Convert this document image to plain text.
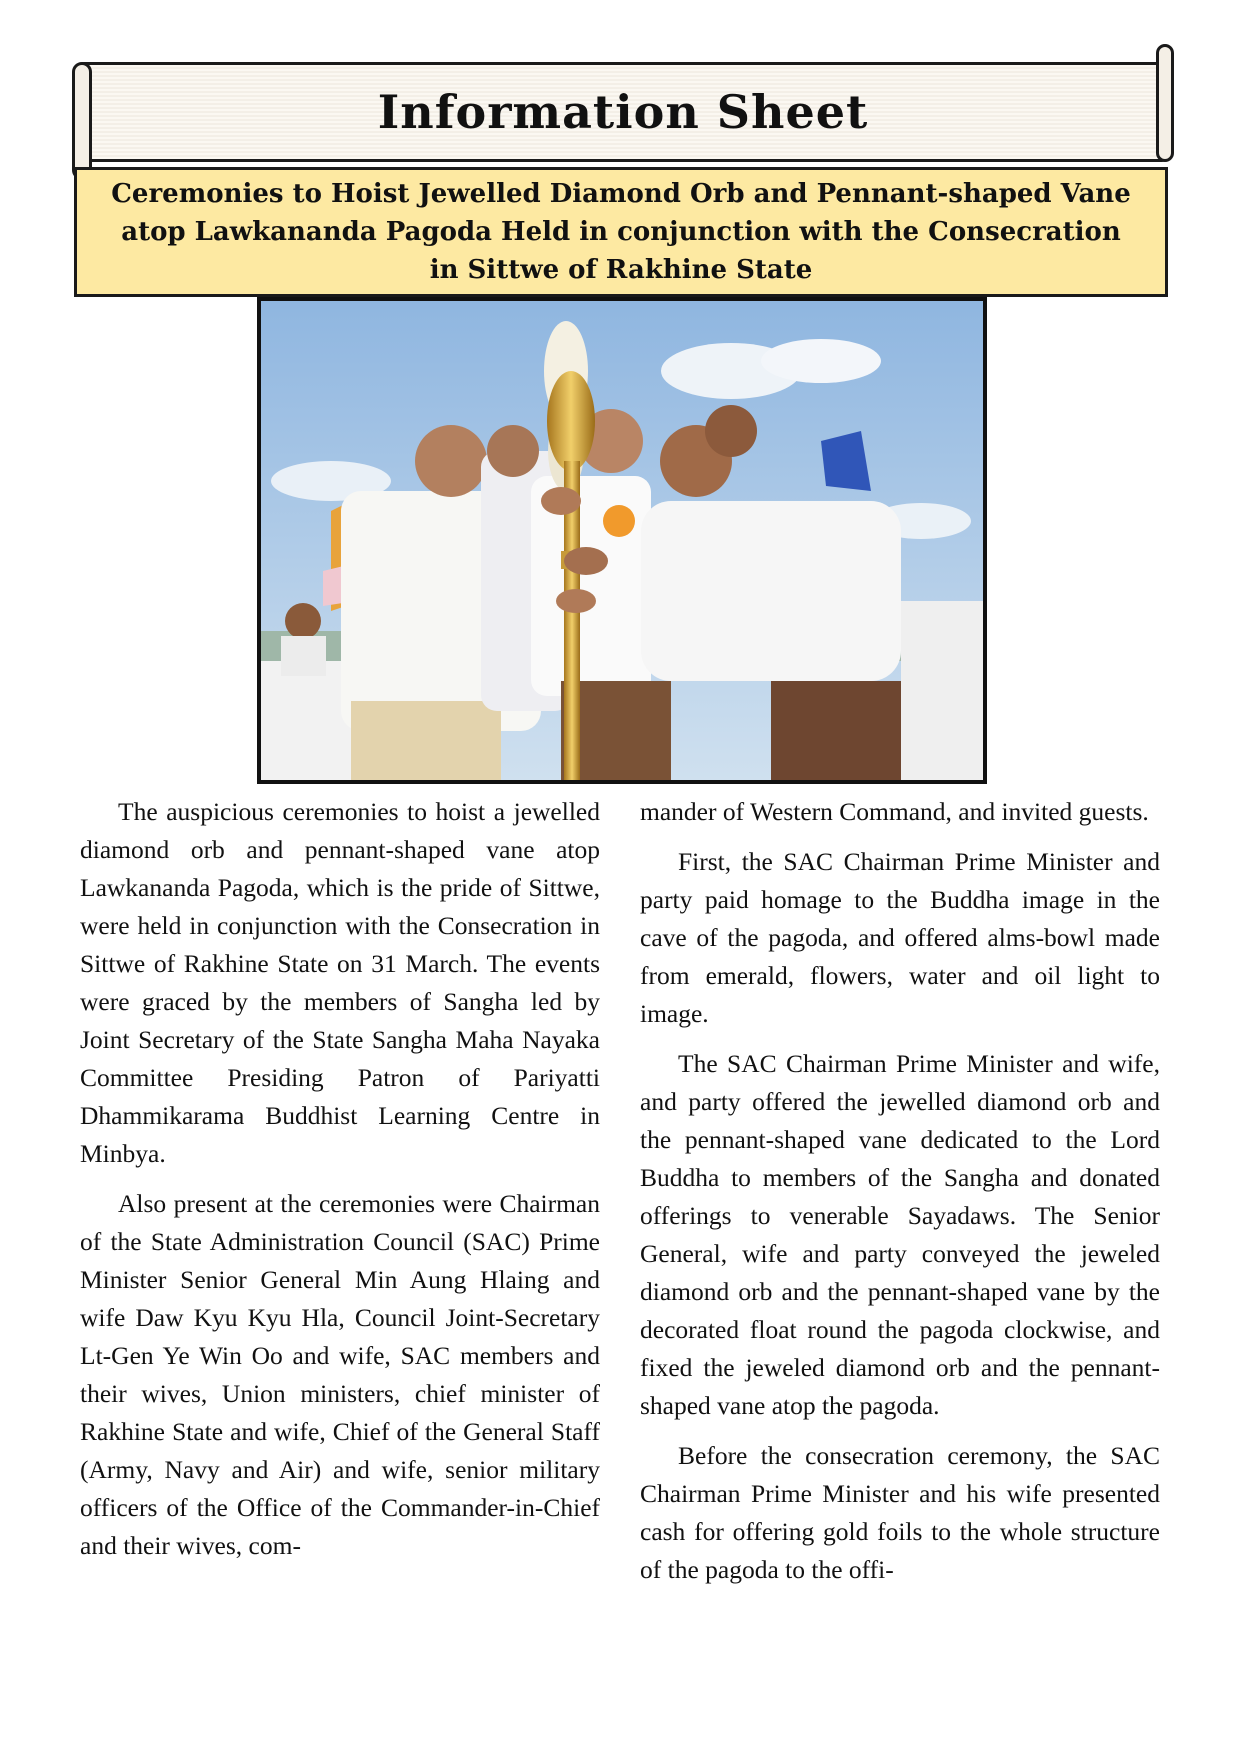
Information Sheet
Ceremonies to Hoist Jewelled Diamond Orb and Pennant-shaped Vane atop Lawkananda Pagoda Held in conjunction with the Consecration in Sittwe of Rakhine State

The auspicious ceremonies to hoist a jewelled diamond orb and pennant-shaped vane atop Lawkananda Pagoda, which is the pride of Sittwe, were held in conjunction with the Consecration in Sittwe of Rakhine State on 31 March. The events were graced by the members of Sangha led by Joint Secretary of the State Sangha Maha Nayaka Committee Presiding Patron of Pariyatti Dhammikarama Buddhist Learning Centre in Minbya.

Also present at the ceremonies were Chairman of the State Administration Council (SAC) Prime Minister Senior General Min Aung Hlaing and wife Daw Kyu Kyu Hla, Council Joint-Secretary Lt-Gen Ye Win Oo and wife, SAC members and their wives, Union ministers, chief minister of Rakhine State and wife, Chief of the General Staff (Army, Navy and Air) and wife, senior military officers of the Office of the Commander-in-Chief and their wives, com-

mander of Western Command, and invited guests.

First, the SAC Chairman Prime Minister and party paid homage to the Buddha image in the cave of the pagoda, and offered alms-bowl made from emerald, flowers, water and oil light to image.

The SAC Chairman Prime Minister and wife, and party offered the jewelled diamond orb and the pennant-shaped vane dedicated to the Lord Buddha to members of the Sangha and donated offerings to venerable Sayadaws. The Senior General, wife and party conveyed the jeweled diamond orb and the pennant-shaped vane by the decorated float round the pagoda clockwise, and fixed the jeweled diamond orb and the pennant-shaped vane atop the pagoda.

Before the consecration ceremony, the SAC Chairman Prime Minister and his wife presented cash for offering gold foils to the whole structure of the pagoda to the offi-
